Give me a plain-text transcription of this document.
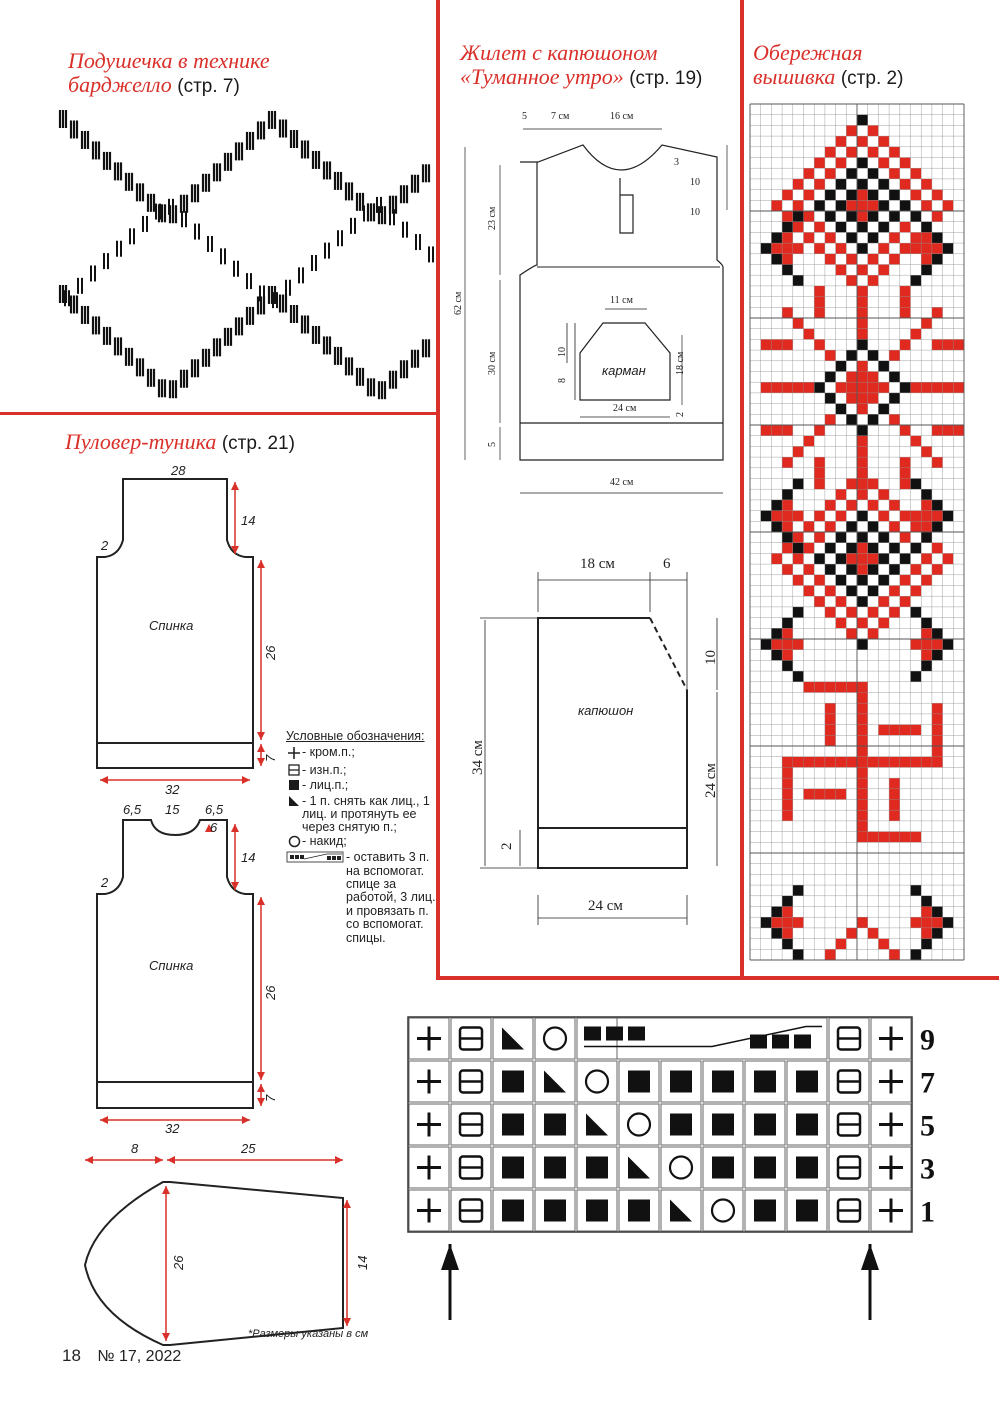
Подушечка в технике
барджелло (стр. 7)
Жилет с капюшоном
«Туманное утро» (стр. 19)
Обережная
вышивка (стр. 2)
Пуловер-туника (стр. 21)
5 7 см	16 см
3
10
10
23 см
62 см
30 см
5
42 см
11 см
10
8
18 см
24 см
2
карман
18 см	6
10
34 см
24 см
2
24 см
капюшон
28
14
2
26
7
32
Спинка
6,5 15 6,5
6
14
2
26
7
32
Спинка
8	25
26	14
Условные обозначения:
- кром.п.;
- изн.п.;
- лиц.п.;
- 1 п. снять как лиц., 1 лиц. и протянуть ее через снятую п.;
- накид;
- оставить 3 п. на вспомогат. спице за работой, 3 лиц. и провязать п. со вспомогат. спицы.
9
7
5
3
1
*Размеры указаны в см
18 № 17, 2022
